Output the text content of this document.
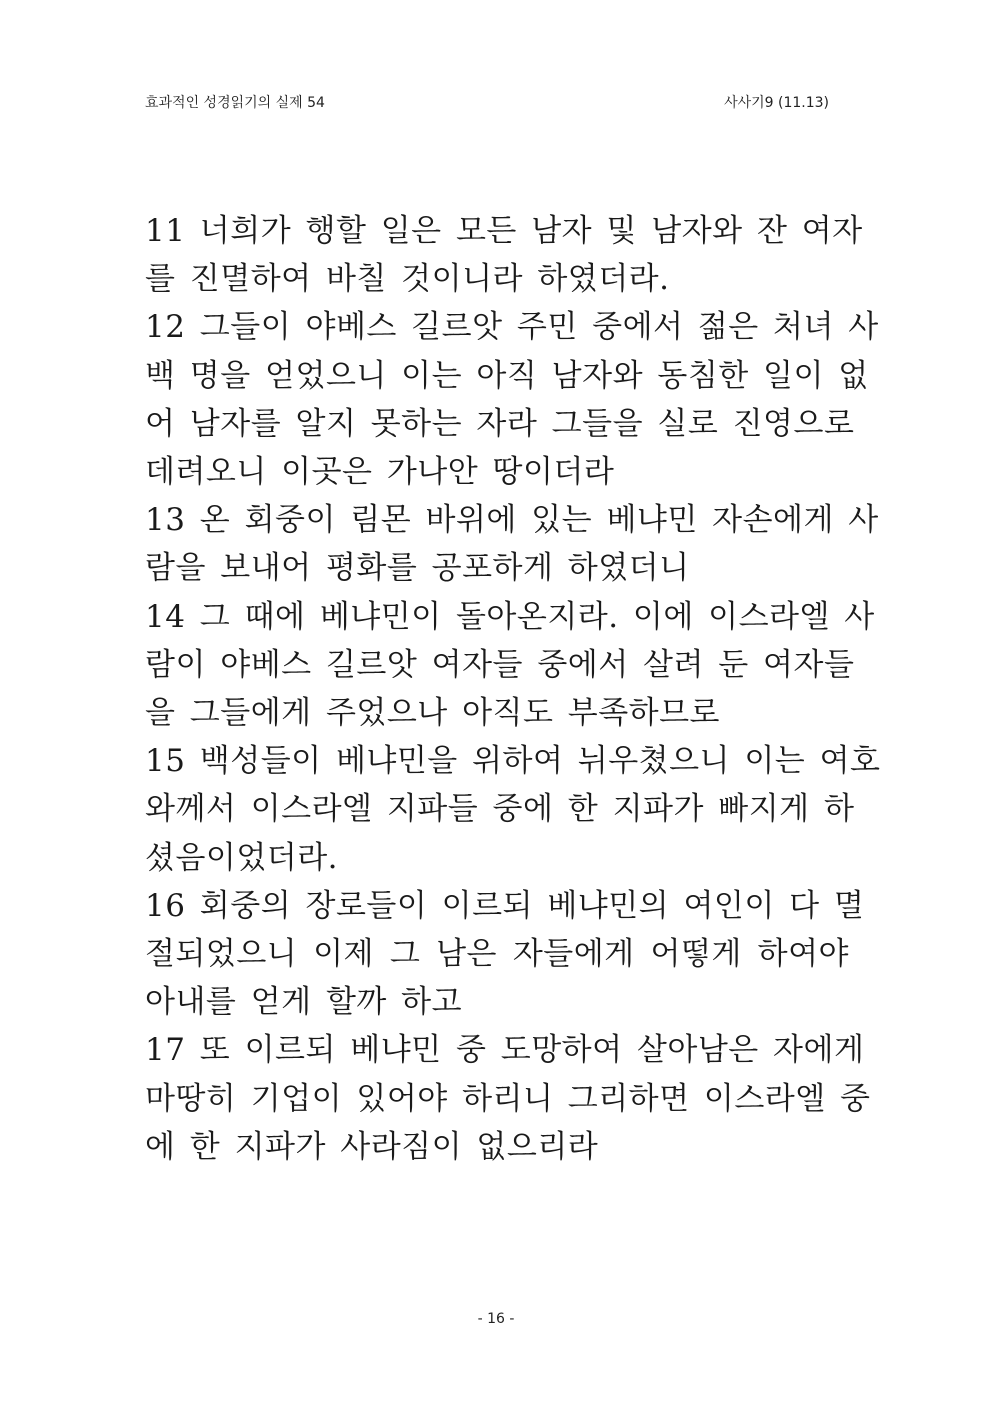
효과적인 성경읽기의 실제 54	사사기9 (11.13)
11 너희가 행할 일은 모든 남자 및 남자와 잔 여자
를 진멸하여 바칠 것이니라 하였더라.
12 그들이 야베스 길르앗 주민 중에서 젊은 처녀 사
백 명을 얻었으니 이는 아직 남자와 동침한 일이 없
어 남자를 알지 못하는 자라 그들을 실로 진영으로
데려오니 이곳은 가나안 땅이더라
13 온 회중이 림몬 바위에 있는 베냐민 자손에게 사
람을 보내어 평화를 공포하게 하였더니
14 그 때에 베냐민이 돌아온지라. 이에 이스라엘 사
람이 야베스 길르앗 여자들 중에서 살려 둔 여자들
을 그들에게 주었으나 아직도 부족하므로
15 백성들이 베냐민을 위하여 뉘우쳤으니 이는 여호
와께서 이스라엘 지파들 중에 한 지파가 빠지게 하
셨음이었더라.
16 회중의 장로들이 이르되 베냐민의 여인이 다 멸
절되었으니 이제 그 남은 자들에게 어떻게 하여야
아내를 얻게 할까 하고
17 또 이르되 베냐민 중 도망하여 살아남은 자에게
마땅히 기업이 있어야 하리니 그리하면 이스라엘 중
에 한 지파가 사라짐이 없으리라
- 16 -
